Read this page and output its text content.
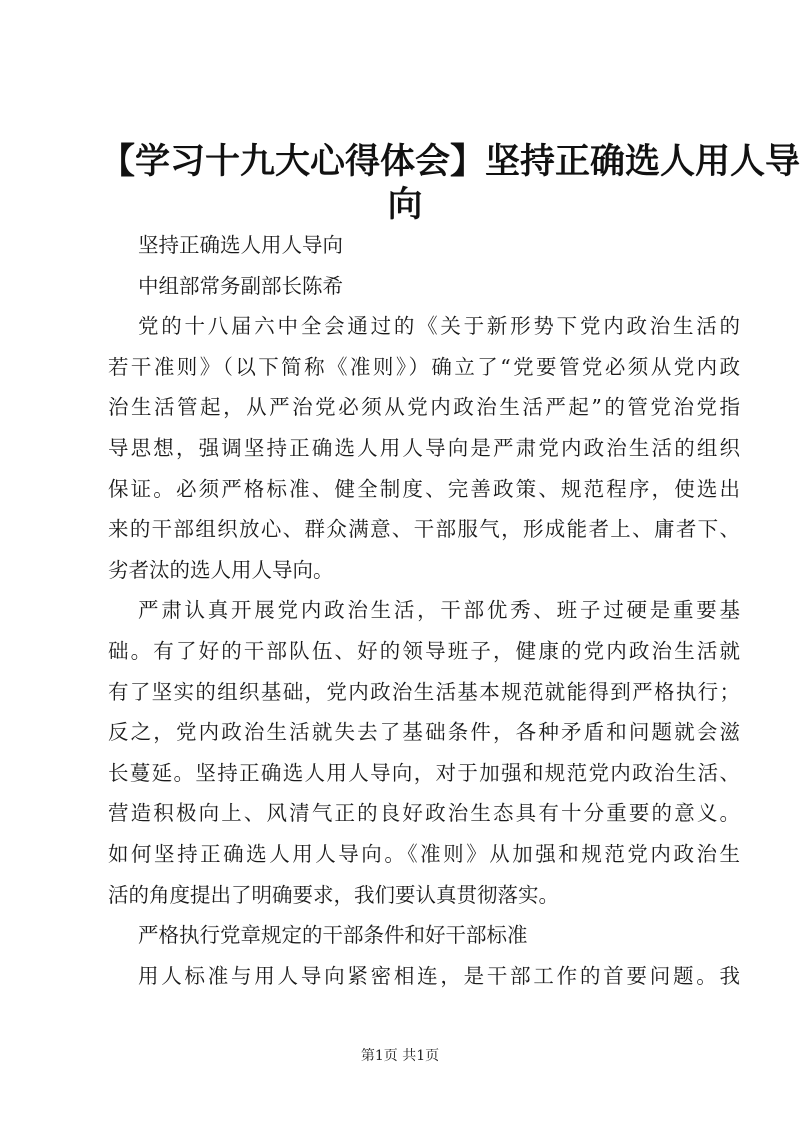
【学习十九大心得体会】坚持正确选人用人导
向
坚持正确选人用人导向
中组部常务副部长陈希
党的十八届六中全会通过的《关于新形势下党内政治生活的
若干准则》（以下简称《准则》）确立了“党要管党必须从党内政
治生活管起，从严治党必须从党内政治生活严起”的管党治党指
导思想，强调坚持正确选人用人导向是严肃党内政治生活的组织
保证。必须严格标准、健全制度、完善政策、规范程序，使选出
来的干部组织放心、群众满意、干部服气，形成能者上、庸者下、
劣者汰的选人用人导向。
严肃认真开展党内政治生活，干部优秀、班子过硬是重要基
础。有了好的干部队伍、好的领导班子，健康的党内政治生活就
有了坚实的组织基础，党内政治生活基本规范就能得到严格执行；
反之，党内政治生活就失去了基础条件，各种矛盾和问题就会滋
长蔓延。坚持正确选人用人导向，对于加强和规范党内政治生活、
营造积极向上、风清气正的良好政治生态具有十分重要的意义。
如何坚持正确选人用人导向。《准则》从加强和规范党内政治生
活的角度提出了明确要求，我们要认真贯彻落实。
严格执行党章规定的干部条件和好干部标准
用人标准与用人导向紧密相连，是干部工作的首要问题。我
第1页 共1页
